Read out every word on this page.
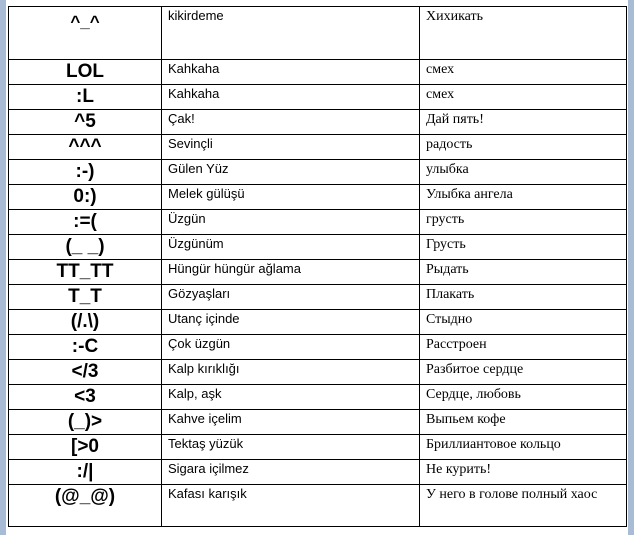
^_^	kikirdeme	Хихикать
LOL	Kahkaha	смех
:L	Kahkaha	смех
^5	Çak!	Дай пять!
^^^	Sevinçli	радость
:-)	Gülen Yüz	улыбка
0:)	Melek gülüşü	Улыбка ангела
:=(	Üzgün	грусть
(_ _)	Üzgünüm	Грусть
TT_TT	Hüngür hüngür ağlama	Рыдать
T_T	Gözyaşları	Плакать
(/.\)	Utanç içinde	Стыдно
:-C	Çok üzgün	Расстроен
</3	Kalp kırıklığı	Разбитое сердце
<3	Kalp, aşk	Сердце, любовь
(_)>	Kahve içelim	Выпьем кофе
[>0	Tektaş yüzük	Бриллиантовое кольцо
:/|	Sigara içilmez	Не курить!
(@_@)	Kafası karışık	У него в голове полный хаос
